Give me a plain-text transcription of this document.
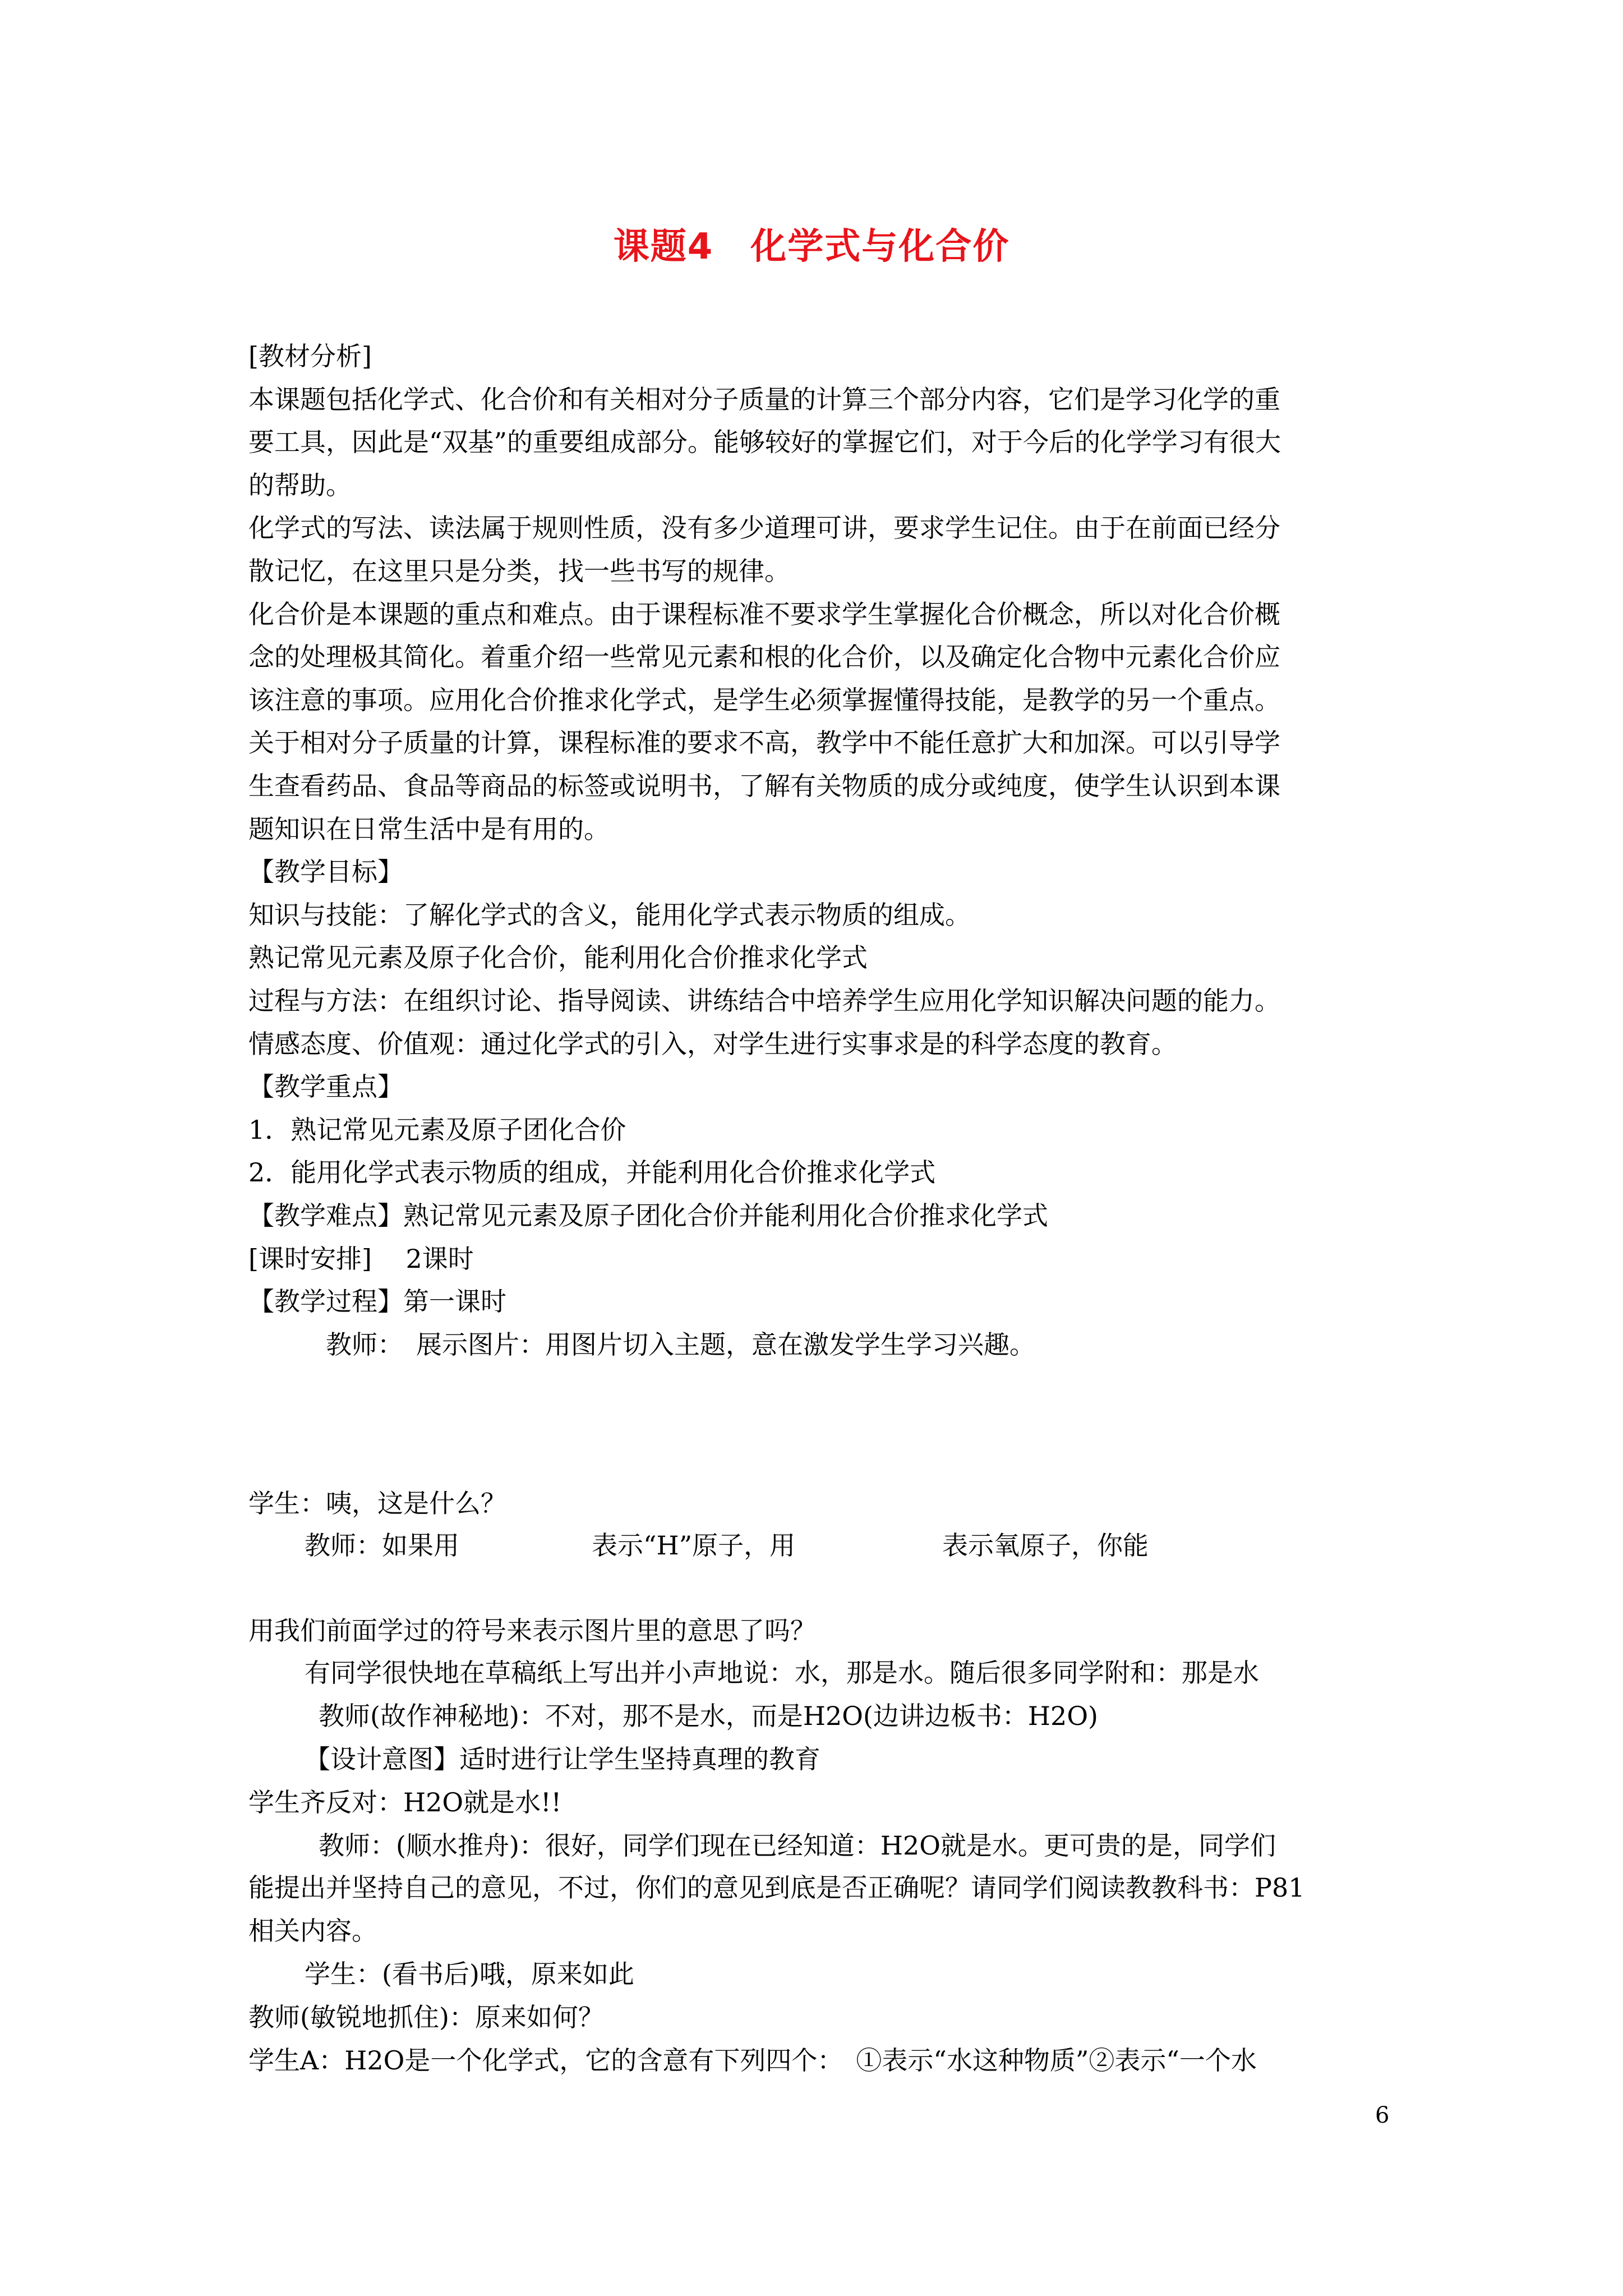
课题4　化学式与化合价
[教材分析]
本课题包括化学式、化合价和有关相对分子质量的计算三个部分内容，它们是学习化学的重
要工具，因此是“双基”的重要组成部分。能够较好的掌握它们，对于今后的化学学习有很大
的帮助。
化学式的写法、读法属于规则性质，没有多少道理可讲，要求学生记住。由于在前面已经分
散记忆，在这里只是分类，找一些书写的规律。
化合价是本课题的重点和难点。由于课程标准不要求学生掌握化合价概念，所以对化合价概
念的处理极其简化。着重介绍一些常见元素和根的化合价，以及确定化合物中元素化合价应
该注意的事项。应用化合价推求化学式，是学生必须掌握懂得技能，是教学的另一个重点。
关于相对分子质量的计算，课程标准的要求不高，教学中不能任意扩大和加深。可以引导学
生查看药品、食品等商品的标签或说明书，了解有关物质的成分或纯度，使学生认识到本课
题知识在日常生活中是有用的。
【教学目标】
知识与技能：了解化学式的含义，能用化学式表示物质的组成。
熟记常见元素及原子化合价，能利用化合价推求化学式
过程与方法：在组织讨论、指导阅读、讲练结合中培养学生应用化学知识解决问题的能力。
情感态度、价值观：通过化学式的引入，对学生进行实事求是的科学态度的教育。
【教学重点】
1．熟记常见元素及原子团化合价
2．能用化学式表示物质的组成，并能利用化合价推求化学式
【教学难点】熟记常见元素及原子团化合价并能利用化合价推求化学式
[课时安排]　 2课时
【教学过程】第一课时
　　　教师：　展示图片：用图片切入主题，意在激发学生学习兴趣。
学生：咦，这是什么？
教师：如果用	表示“H”原子，用	表示氧原子，你能
用我们前面学过的符号来表示图片里的意思了吗？
有同学很快地在草稿纸上写出并小声地说：水，那是水。随后很多同学附和：那是水
教师(故作神秘地)：不对，那不是水，而是H2O(边讲边板书：H2O)
【设计意图】适时进行让学生坚持真理的教育
学生齐反对：H2O就是水!!
教师：(顺水推舟)：很好，同学们现在已经知道：H2O就是水。更可贵的是，同学们
能提出并坚持自己的意见，不过，你们的意见到底是否正确呢？请同学们阅读教教科书：P81
相关内容。
学生：(看书后)哦，原来如此
教师(敏锐地抓住)：原来如何？
学生A：H2O是一个化学式，它的含意有下列四个：　①表示“水这种物质”②表示“一个水
6
